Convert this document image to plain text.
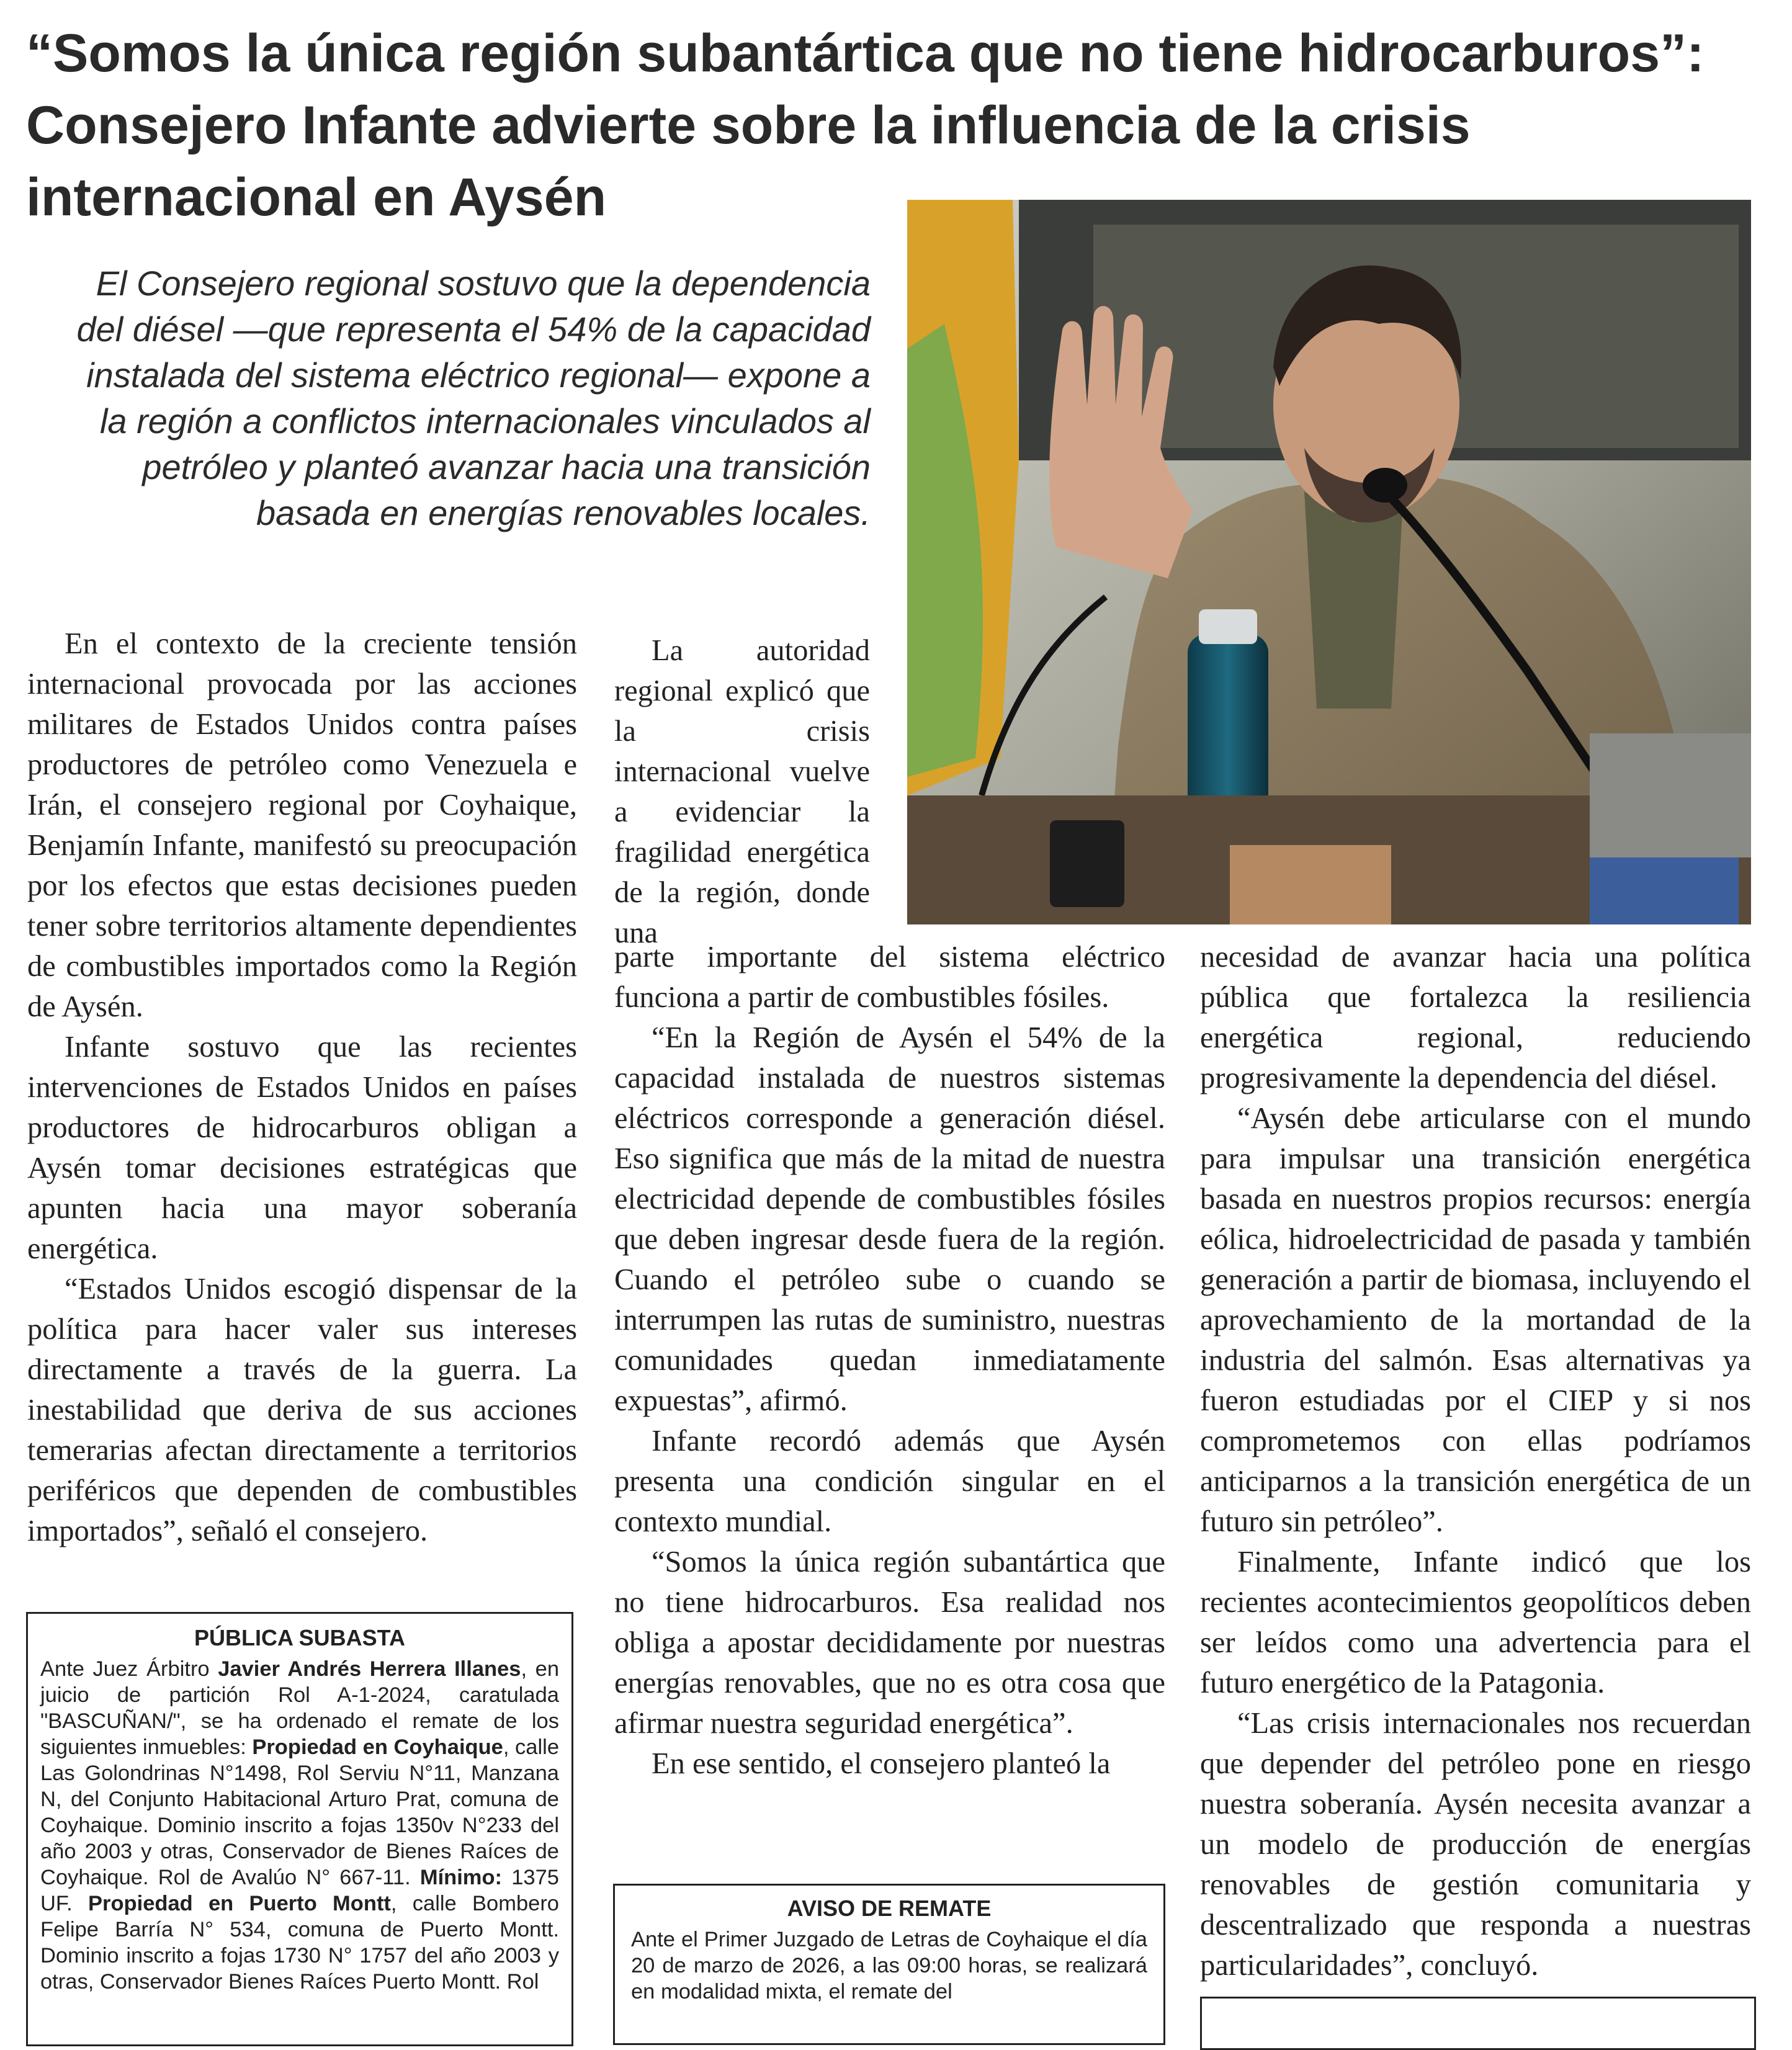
“Somos la única región subantártica que no tiene hidrocarburos”:
Consejero Infante advierte sobre la influencia de la crisis
internacional en Aysén
El Consejero regional sostuvo que la dependencia del diésel —que representa el 54% de la capacidad instalada del sistema eléctrico regional— expone a la región a conflictos internacionales vinculados al petróleo y planteó avanzar hacia una transición basada en energías renovables locales.

En el contexto de la creciente tensión internacional provocada por las acciones militares de Estados Unidos contra países productores de petróleo como Venezuela e Irán, el consejero regional por Coyhaique, Benjamín Infante, manifestó su preocupación por los efectos que estas decisiones pueden tener sobre territorios altamente dependientes de combustibles importados como la Región de Aysén.

Infante sostuvo que las recientes intervenciones de Estados Unidos en países productores de hidrocarburos obligan a Aysén tomar decisiones estratégicas que apunten hacia una mayor soberanía energética.

“Estados Unidos escogió dispensar de la política para hacer valer sus intereses directamente a través de la guerra. La inestabilidad que deriva de sus acciones temerarias afectan directamente a territorios periféricos que dependen de combustibles importados”, señaló el consejero.

La autoridad regional explicó que la crisis internacional vuelve a evidenciar la fragilidad energética de la región, donde una

parte importante del sistema eléctrico funciona a partir de combustibles fósiles.

“En la Región de Aysén el 54% de la capacidad instalada de nuestros sistemas eléctricos corresponde a generación diésel. Eso significa que más de la mitad de nuestra electricidad depende de combustibles fósiles que deben ingresar desde fuera de la región. Cuando el petróleo sube o cuando se interrumpen las rutas de suministro, nuestras comunidades quedan inmediatamente expuestas”, afirmó.

Infante recordó además que Aysén presenta una condición singular en el contexto mundial.

“Somos la única región subantártica que no tiene hidrocarburos. Esa realidad nos obliga a apostar decididamente por nuestras energías renovables, que no es otra cosa que afirmar nuestra seguridad energética”.

En ese sentido, el consejero planteó la

necesidad de avanzar hacia una política pública que fortalezca la resiliencia energética regional, reduciendo progresivamente la dependencia del diésel.

“Aysén debe articularse con el mundo para impulsar una transición energética basada en nuestros propios recursos: energía eólica, hidroelectricidad de pasada y también generación a partir de biomasa, incluyendo el aprovechamiento de la mortandad de la industria del salmón. Esas alternativas ya fueron estudiadas por el CIEP y si nos comprometemos con ellas podríamos anticiparnos a la transición energética de un futuro sin petróleo”.

Finalmente, Infante indicó que los recientes acontecimientos geopolíticos deben ser leídos como una advertencia para el futuro energético de la Patagonia.

“Las crisis internacionales nos recuerdan que depender del petróleo pone en riesgo nuestra soberanía. Aysén necesita avanzar a un modelo de producción de energías renovables de gestión comunitaria y descentralizado que responda a nuestras particularidades”, concluyó.

PÚBLICA SUBASTA
Ante Juez Árbitro Javier Andrés Herrera Illanes, en juicio de partición Rol A-1-2024, caratulada "BASCUÑAN/", se ha ordenado el remate de los siguientes inmuebles: Propiedad en Coyhaique, calle Las Golondrinas N°1498, Rol Serviu N°11, Manzana N, del Conjunto Habitacional Arturo Prat, comuna de Coyhaique. Dominio inscrito a fojas 1350v N°233 del año 2003 y otras, Conservador de Bienes Raíces de Coyhaique. Rol de Avalúo N° 667-11. Mínimo: 1375 UF. Propiedad en Puerto Montt, calle Bombero Felipe Barría N° 534, comuna de Puerto Montt. Dominio inscrito a fojas 1730 N° 1757 del año 2003 y otras, Conservador Bienes Raíces Puerto Montt. Rol
AVISO DE REMATE
Ante el Primer Juzgado de Letras de Coyhaique el día 20 de marzo de 2026, a las 09:00 horas, se realizará en modalidad mixta, el remate del
